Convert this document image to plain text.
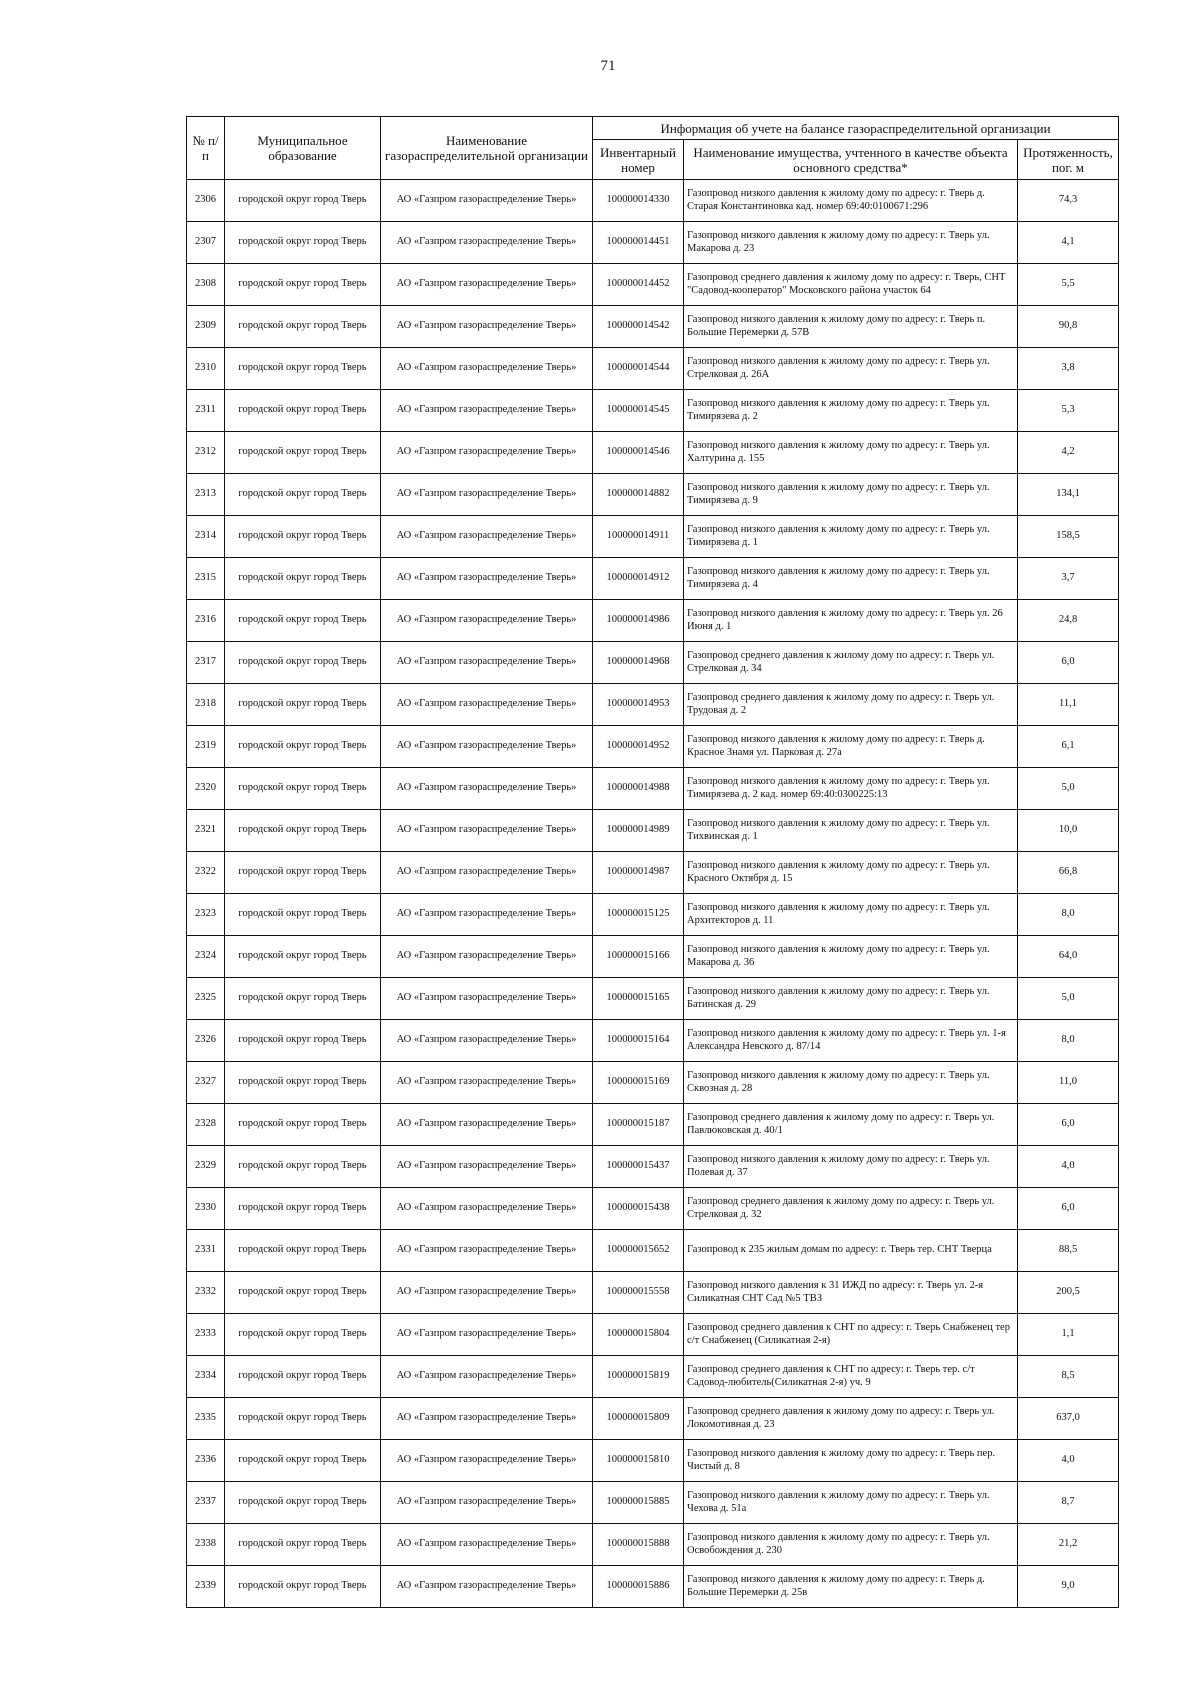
71
№ п/п	Муниципальное образование	Наименование газораспределительной организации	Информация об учете на балансе газораспределительной организации		
			Инвентарный номер	Наименование имущества, учтенного в качестве объекта основного средства*	Протяженность, пог. м
2306	городской округ город Тверь	АО «Газпром газораспределение Тверь»	100000014330	Газопровод низкого давления к жилому дому по адресу: г. Тверь д. Старая Константиновка кад. номер 69:40:0100671:296	74,3
2307	городской округ город Тверь	АО «Газпром газораспределение Тверь»	100000014451	Газопровод низкого давления к жилому дому по адресу: г. Тверь ул. Макарова д. 23	4,1
2308	городской округ город Тверь	АО «Газпром газораспределение Тверь»	100000014452	Газопровод среднего давления к жилому дому по адресу: г. Тверь, СНТ "Садовод-кооператор" Московского района участок 64	5,5
2309	городской округ город Тверь	АО «Газпром газораспределение Тверь»	100000014542	Газопровод низкого давления к жилому дому по адресу: г. Тверь п. Большие Перемерки д. 57В	90,8
2310	городской округ город Тверь	АО «Газпром газораспределение Тверь»	100000014544	Газопровод низкого давления к жилому дому по адресу: г. Тверь ул. Стрелковая д. 26А	3,8
2311	городской округ город Тверь	АО «Газпром газораспределение Тверь»	100000014545	Газопровод низкого давления к жилому дому по адресу: г. Тверь ул. Тимирязева д. 2	5,3
2312	городской округ город Тверь	АО «Газпром газораспределение Тверь»	100000014546	Газопровод низкого давления к жилому дому по адресу: г. Тверь ул. Халтурина д. 155	4,2
2313	городской округ город Тверь	АО «Газпром газораспределение Тверь»	100000014882	Газопровод низкого давления к жилому дому по адресу: г. Тверь ул. Тимирязева д. 9	134,1
2314	городской округ город Тверь	АО «Газпром газораспределение Тверь»	100000014911	Газопровод низкого давления к жилому дому по адресу: г. Тверь ул. Тимирязева д. 1	158,5
2315	городской округ город Тверь	АО «Газпром газораспределение Тверь»	100000014912	Газопровод низкого давления к жилому дому по адресу: г. Тверь ул. Тимирязева д. 4	3,7
2316	городской округ город Тверь	АО «Газпром газораспределение Тверь»	100000014986	Газопровод низкого давления к жилому дому по адресу: г. Тверь ул. 26 Июня д. 1	24,8
2317	городской округ город Тверь	АО «Газпром газораспределение Тверь»	100000014968	Газопровод среднего давления к жилому дому по адресу: г. Тверь ул. Стрелковая д. 34	6,0
2318	городской округ город Тверь	АО «Газпром газораспределение Тверь»	100000014953	Газопровод среднего давления к жилому дому по адресу: г. Тверь ул. Трудовая д. 2	11,1
2319	городской округ город Тверь	АО «Газпром газораспределение Тверь»	100000014952	Газопровод низкого давления к жилому дому по адресу: г. Тверь д. Красное Знамя ул. Парковая д. 27а	6,1
2320	городской округ город Тверь	АО «Газпром газораспределение Тверь»	100000014988	Газопровод низкого давления к жилому дому по адресу: г. Тверь ул. Тимирязева д. 2 кад. номер 69:40:0300225:13	5,0
2321	городской округ город Тверь	АО «Газпром газораспределение Тверь»	100000014989	Газопровод низкого давления к жилому дому по адресу: г. Тверь ул. Тихвинская д. 1	10,0
2322	городской округ город Тверь	АО «Газпром газораспределение Тверь»	100000014987	Газопровод низкого давления к жилому дому по адресу: г. Тверь ул. Красного Октября д. 15	66,8
2323	городской округ город Тверь	АО «Газпром газораспределение Тверь»	100000015125	Газопровод низкого давления к жилому дому по адресу: г. Тверь ул. Архитекторов д. 11	8,0
2324	городской округ город Тверь	АО «Газпром газораспределение Тверь»	100000015166	Газопровод низкого давления к жилому дому по адресу: г. Тверь ул. Макарова д. 36	64,0
2325	городской округ город Тверь	АО «Газпром газораспределение Тверь»	100000015165	Газопровод низкого давления к жилому дому по адресу: г. Тверь ул. Батинская д. 29	5,0
2326	городской округ город Тверь	АО «Газпром газораспределение Тверь»	100000015164	Газопровод низкого давления к жилому дому по адресу: г. Тверь ул. 1-я Александра Невского д. 87/14	8,0
2327	городской округ город Тверь	АО «Газпром газораспределение Тверь»	100000015169	Газопровод низкого давления к жилому дому по адресу: г. Тверь ул. Сквозная д. 28	11,0
2328	городской округ город Тверь	АО «Газпром газораспределение Тверь»	100000015187	Газопровод среднего давления к жилому дому по адресу: г. Тверь ул. Павлюковская д. 40/1	6,0
2329	городской округ город Тверь	АО «Газпром газораспределение Тверь»	100000015437	Газопровод низкого давления к жилому дому по адресу: г. Тверь ул. Полевая д. 37	4,0
2330	городской округ город Тверь	АО «Газпром газораспределение Тверь»	100000015438	Газопровод среднего давления к жилому дому по адресу: г. Тверь ул. Стрелковая д. 32	6,0
2331	городской округ город Тверь	АО «Газпром газораспределение Тверь»	100000015652	Газопровод к 235 жилым домам по адресу: г. Тверь тер. СНТ Тверца	88,5
2332	городской округ город Тверь	АО «Газпром газораспределение Тверь»	100000015558	Газопровод низкого давления к 31 ИЖД по адресу: г. Тверь ул. 2-я Силикатная СНТ Сад №5 ТВЗ	200,5
2333	городской округ город Тверь	АО «Газпром газораспределение Тверь»	100000015804	Газопровод среднего давления к СНТ по адресу: г. Тверь Снабженец тер с/т Снабженец (Силикатная 2-я)	1,1
2334	городской округ город Тверь	АО «Газпром газораспределение Тверь»	100000015819	Газопровод среднего давления к СНТ по адресу: г. Тверь тер. с/т Садовод-любитель(Силикатная 2-я) уч. 9	8,5
2335	городской округ город Тверь	АО «Газпром газораспределение Тверь»	100000015809	Газопровод среднего давления к жилому дому по адресу: г. Тверь ул. Локомотивная д. 23	637,0
2336	городской округ город Тверь	АО «Газпром газораспределение Тверь»	100000015810	Газопровод низкого давления к жилому дому по адресу: г. Тверь пер. Чистый д. 8	4,0
2337	городской округ город Тверь	АО «Газпром газораспределение Тверь»	100000015885	Газопровод низкого давления к жилому дому по адресу: г. Тверь ул. Чехова д. 51а	8,7
2338	городской округ город Тверь	АО «Газпром газораспределение Тверь»	100000015888	Газопровод низкого давления к жилому дому по адресу: г. Тверь ул. Освобождения д. 230	21,2
2339	городской округ город Тверь	АО «Газпром газораспределение Тверь»	100000015886	Газопровод низкого давления к жилому дому по адресу: г. Тверь д. Большие Перемерки д. 25в	9,0
